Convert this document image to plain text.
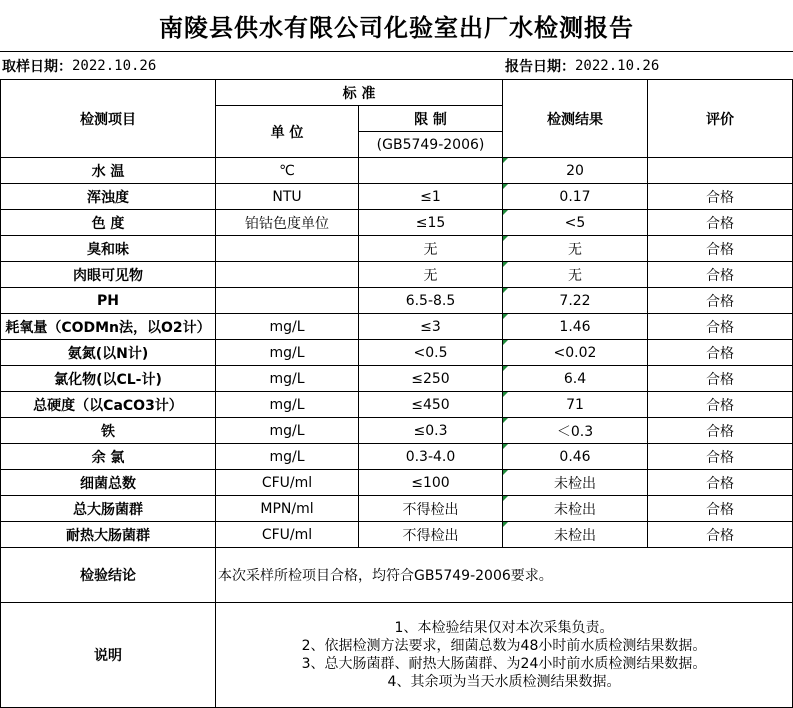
南陵县供水有限公司化验室出厂水检测报告
取样日期： 2022.10.26	报告日期： 2022.10.26
检测项目	标 准		检测结果	评价
	单 位	限 制		
		(GB5749-2006)		
水 温	℃		20	
浑浊度	NTU	≤1	0.17	合格
色 度	铂钴色度单位	≤15	<5	合格
臭和味		无	无	合格
肉眼可见物		无	无	合格
PH		6.5-8.5	7.22	合格
耗氧量（CODMn法，以O2计）	mg/L	≤3	1.46	合格
氨氮(以N计)	mg/L	<0.5	<0.02	合格
氯化物(以CL-计)	mg/L	≤250	6.4	合格
总硬度（以CaCO3计）	mg/L	≤450	71	合格
铁	mg/L	≤0.3	＜0.3	合格
余 氯	mg/L	0.3-4.0	0.46	合格
细菌总数	CFU/ml	≤100	未检出	合格
总大肠菌群	MPN/ml	不得检出	未检出	合格
耐热大肠菌群	CFU/ml	不得检出	未检出	合格
检验结论	本次采样所检项目合格，均符合GB5749-2006要求。			
说明	1、本检验结果仅对本次采集负责。
2、依据检测方法要求，细菌总数为48小时前水质检测结果数据。
3、总大肠菌群、耐热大肠菌群、为24小时前水质检测结果数据。
4、其余项为当天水质检测结果数据。			
